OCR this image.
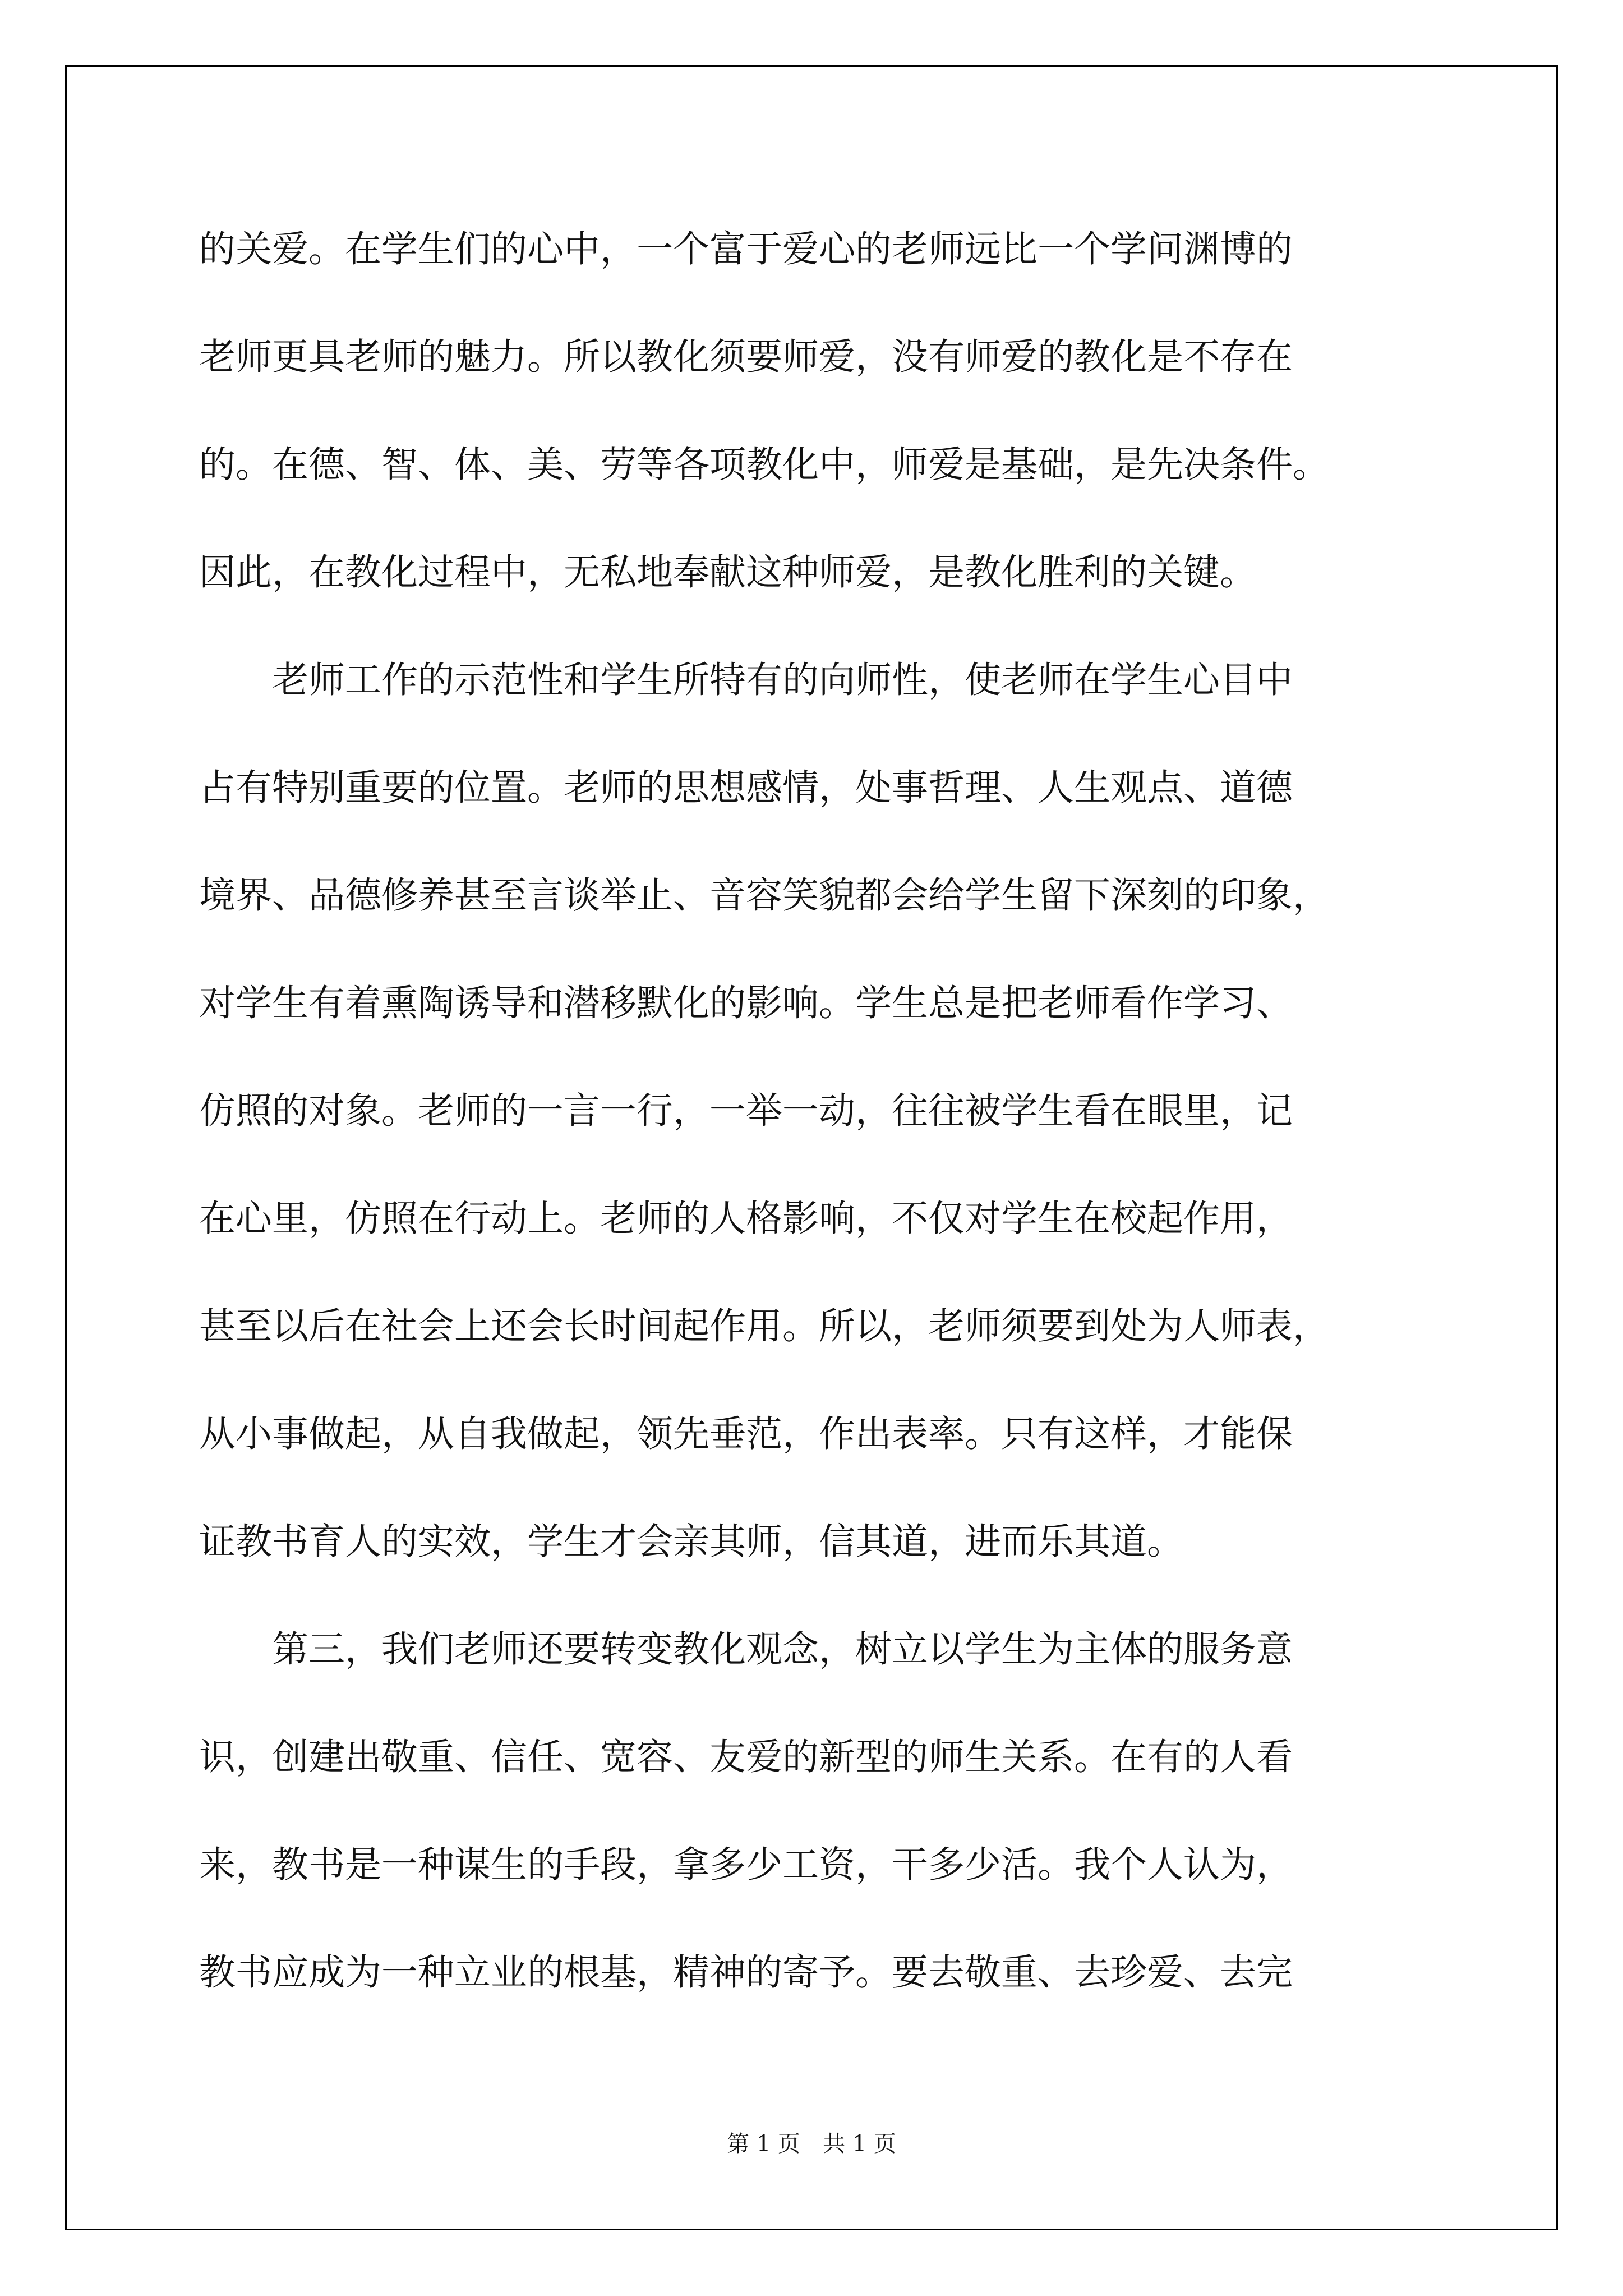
的关爱。在学生们的心中，一个富于爱心的老师远比一个学问渊博的
老师更具老师的魅力。所以教化须要师爱，没有师爱的教化是不存在
的。在德、智、体、美、劳等各项教化中，师爱是基础，是先决条件。
因此，在教化过程中，无私地奉献这种师爱，是教化胜利的关键。
　　老师工作的示范性和学生所特有的向师性，使老师在学生心目中
占有特别重要的位置。老师的思想感情，处事哲理、人生观点、道德
境界、品德修养甚至言谈举止、音容笑貌都会给学生留下深刻的印象，
对学生有着熏陶诱导和潜移默化的影响。学生总是把老师看作学习、
仿照的对象。老师的一言一行，一举一动，往往被学生看在眼里，记
在心里，仿照在行动上。老师的人格影响，不仅对学生在校起作用，
甚至以后在社会上还会长时间起作用。所以，老师须要到处为人师表，
从小事做起，从自我做起，领先垂范，作出表率。只有这样，才能保
证教书育人的实效，学生才会亲其师，信其道，进而乐其道。
　　第三，我们老师还要转变教化观念，树立以学生为主体的服务意
识，创建出敬重、信任、宽容、友爱的新型的师生关系。在有的人看
来，教书是一种谋生的手段，拿多少工资，干多少活。我个人认为，
教书应成为一种立业的根基，精神的寄予。要去敬重、去珍爱、去完
第 1 页　共 1 页
